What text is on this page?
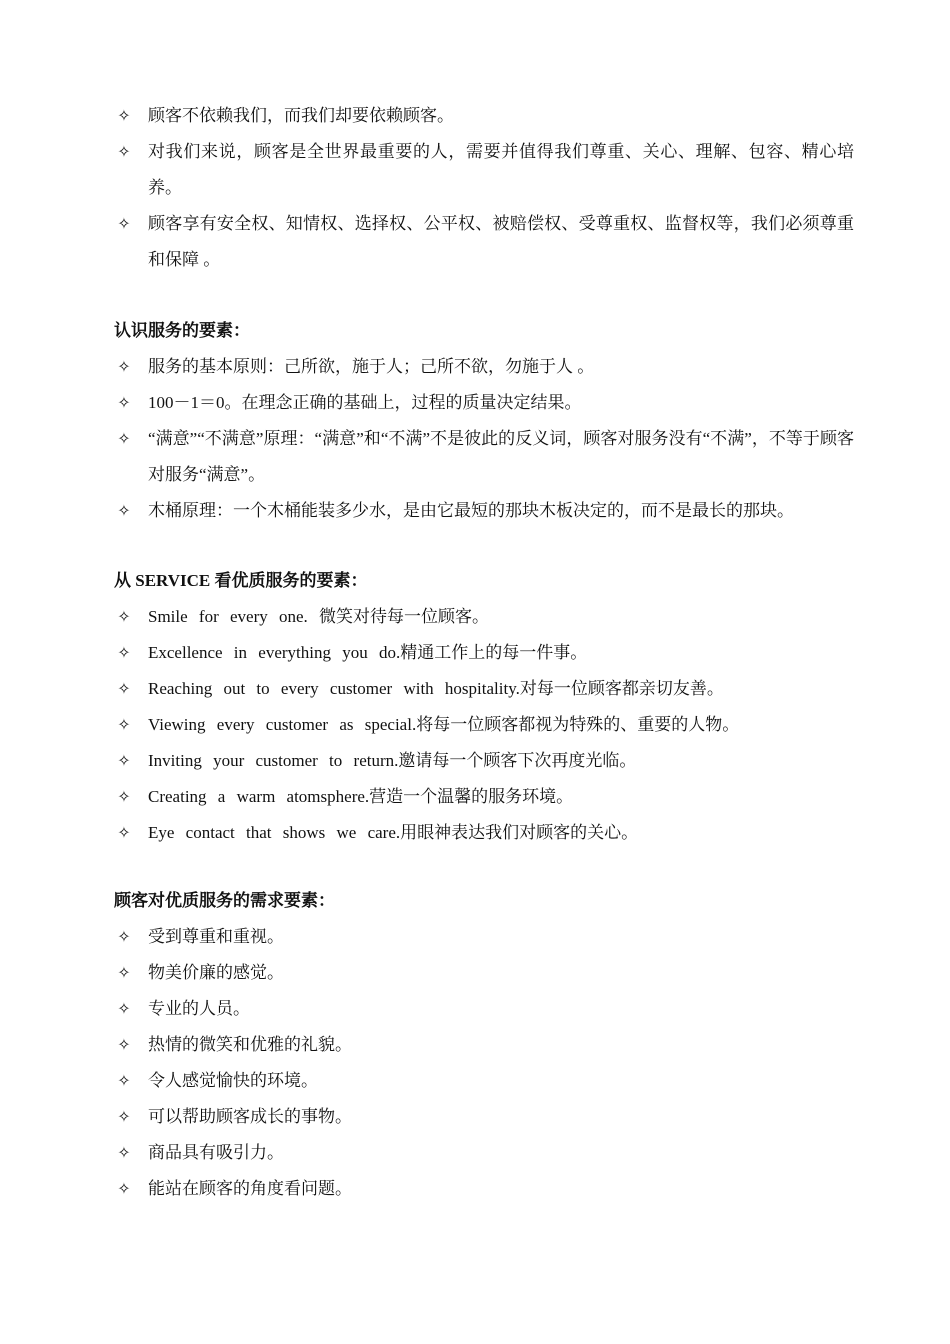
✧ 顾客不依赖我们，而我们却要依赖顾客。
✧ 对我们来说，顾客是全世界最重要的人，需要并值得我们尊重、关心、理解、包容、精心培养。
✧ 顾客享有安全权、知情权、选择权、公平权、被赔偿权、受尊重权、监督权等，我们必须尊重和保障 。
认识服务的要素：
✧ 服务的基本原则：己所欲，施于人；己所不欲，勿施于人 。
✧ 100－1＝0。在理念正确的基础上，过程的质量决定结果。
✧ “满意”“不满意”原理：“满意”和“不满”不是彼此的反义词，顾客对服务没有“不满”，不等于顾客对服务“满意”。
✧ 木桶原理：一个木桶能装多少水，是由它最短的那块木板决定的，而不是最长的那块。
从 SERVICE 看优质服务的要素：
✧ Smile for every one. 微笑对待每一位顾客。
✧ Excellence in everything you do.精通工作上的每一件事。
✧ Reaching out to every customer with hospitality.对每一位顾客都亲切友善。
✧ Viewing every customer as special.将每一位顾客都视为特殊的、重要的人物。
✧ Inviting your customer to return.邀请每一个顾客下次再度光临。
✧ Creating a warm atomsphere.营造一个温馨的服务环境。
✧ Eye contact that shows we care.用眼神表达我们对顾客的关心。
顾客对优质服务的需求要素：
✧ 受到尊重和重视。
✧ 物美价廉的感觉。
✧ 专业的人员。
✧ 热情的微笑和优雅的礼貌。
✧ 令人感觉愉快的环境。
✧ 可以帮助顾客成长的事物。
✧ 商品具有吸引力。
✧ 能站在顾客的角度看问题。
